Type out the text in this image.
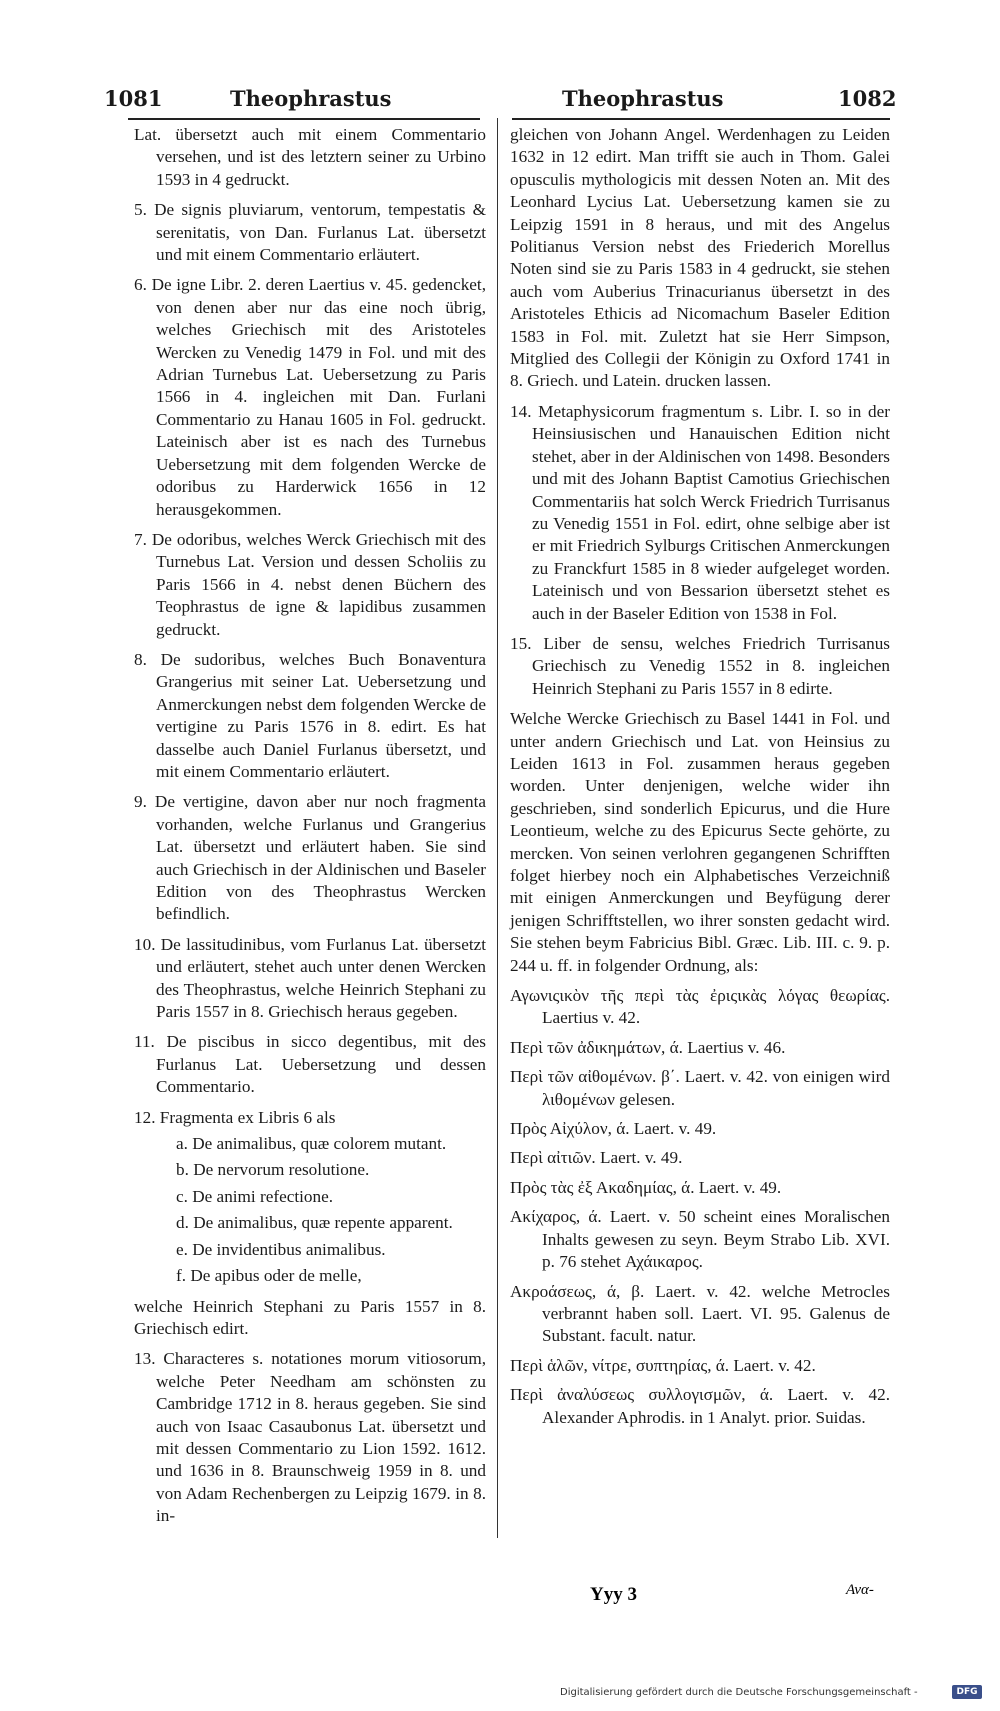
1081	Theophrastus	Theophrastus	1082

Lat. übersetzt auch mit einem Commentario versehen, und ist des letztern seiner zu Urbino 1593 in 4 gedruckt.

5. De signis pluviarum, ventorum, tempestatis & serenitatis, von Dan. Furlanus Lat. übersetzt und mit einem Commentario erläutert.

6. De igne Libr. 2. deren Laertius v. 45. gedencket, von denen aber nur das eine noch übrig, welches Griechisch mit des Aristoteles Wercken zu Venedig 1479 in Fol. und mit des Adrian Turnebus Lat. Uebersetzung zu Paris 1566 in 4. ingleichen mit Dan. Furlani Commentario zu Hanau 1605 in Fol. gedruckt. Lateinisch aber ist es nach des Turnebus Uebersetzung mit dem folgenden Wercke de odoribus zu Harderwick 1656 in 12 herausgekommen.

7. De odoribus, welches Werck Griechisch mit des Turnebus Lat. Version und dessen Scholiis zu Paris 1566 in 4. nebst denen Büchern des Teophrastus de igne & lapidibus zusammen gedruckt.

8. De sudoribus, welches Buch Bonaventura Grangerius mit seiner Lat. Uebersetzung und Anmerckungen nebst dem folgenden Wercke de vertigine zu Paris 1576 in 8. edirt. Es hat dasselbe auch Daniel Furlanus übersetzt, und mit einem Commentario erläutert.

9. De vertigine, davon aber nur noch fragmenta vorhanden, welche Furlanus und Grangerius Lat. übersetzt und erläutert haben. Sie sind auch Griechisch in der Aldinischen und Baseler Edition von des Theophrastus Wercken befindlich.

10. De lassitudinibus, vom Furlanus Lat. übersetzt und erläutert, stehet auch unter denen Wercken des Theophrastus, welche Heinrich Stephani zu Paris 1557 in 8. Griechisch heraus gegeben.

11. De piscibus in sicco degentibus, mit des Furlanus Lat. Uebersetzung und dessen Commentario.

12. Fragmenta ex Libris 6 als

a. De animalibus, quæ colorem mutant.

b. De nervorum resolutione.

c. De animi refectione.

d. De animalibus, quæ repente apparent.

e. De invidentibus animalibus.

f. De apibus oder de melle,

welche Heinrich Stephani zu Paris 1557 in 8. Griechisch edirt.

13. Characteres s. notationes morum vitiosorum, welche Peter Needham am schönsten zu Cambridge 1712 in 8. heraus gegeben. Sie sind auch von Isaac Casaubonus Lat. übersetzt und mit dessen Commentario zu Lion 1592. 1612. und 1636 in 8. Braunschweig 1959 in 8. und von Adam Rechenbergen zu Leipzig 1679. in 8. in-

gleichen von Johann Angel. Werdenhagen zu Leiden 1632 in 12 edirt. Man trifft sie auch in Thom. Galei opusculis mythologicis mit dessen Noten an. Mit des Leonhard Lycius Lat. Uebersetzung kamen sie zu Leipzig 1591 in 8 heraus, und mit des Angelus Politianus Version nebst des Friederich Morellus Noten sind sie zu Paris 1583 in 4 gedruckt, sie stehen auch vom Auberius Trinacurianus übersetzt in des Aristoteles Ethicis ad Nicomachum Baseler Edition 1583 in Fol. mit. Zuletzt hat sie Herr Simpson, Mitglied des Collegii der Königin zu Oxford 1741 in 8. Griech. und Latein. drucken lassen.

14. Metaphysicorum fragmentum s. Libr. I. so in der Heinsiusischen und Hanauischen Edition nicht stehet, aber in der Aldinischen von 1498. Besonders und mit des Johann Baptist Camotius Griechischen Commentariis hat solch Werck Friedrich Turrisanus zu Venedig 1551 in Fol. edirt, ohne selbige aber ist er mit Friedrich Sylburgs Critischen Anmerckungen zu Franckfurt 1585 in 8 wieder aufgeleget worden. Lateinisch und von Bessarion übersetzt stehet es auch in der Baseler Edition von 1538 in Fol.

15. Liber de sensu, welches Friedrich Turrisanus Griechisch zu Venedig 1552 in 8. ingleichen Heinrich Stephani zu Paris 1557 in 8 edirte.

Welche Wercke Griechisch zu Basel 1441 in Fol. und unter andern Griechisch und Lat. von Heinsius zu Leiden 1613 in Fol. zusammen heraus gegeben worden. Unter denjenigen, welche wider ihn geschrieben, sind sonderlich Epicurus, und die Hure Leontieum, welche zu des Epicurus Secte gehörte, zu mercken. Von seinen verlohren gegangenen Schrifften folget hierbey noch ein Alphabetisches Verzeichniß mit einigen Anmerckungen und Beyfügung derer jenigen Schrifftstellen, wo ihrer sonsten gedacht wird. Sie stehen beym Fabricius Bibl. Græc. Lib. III. c. 9. p. 244 u. ff. in folgender Ordnung, als:

Αγωνιςικὸν τῆς περὶ τὰς ἐριςικὰς λόγας θεωρίας. Laertius v. 42.

Περὶ τῶν ἀδικημάτων, ά. Laertius v. 46.

Περὶ τῶν αἰθομένων. β΄. Laert. v. 42. von einigen wird λιθομένων gelesen.

Πρὸς Αἰχύλον, ά. Laert. v. 49.

Περὶ αἰτιῶν. Laert. v. 49.

Πρὸς τὰς ἐξ Ακαδημίας, ά. Laert. v. 49.

Ακίχαρος, ά. Laert. v. 50 scheint eines Moralischen Inhalts gewesen zu seyn. Beym Strabo Lib. XVI. p. 76 stehet Αχάικαρος.

Ακροάσεως, ά, β. Laert. v. 42. welche Metrocles verbrannt haben soll. Laert. VI. 95. Galenus de Substant. facult. natur.

Περὶ ἁλῶν, νίτρε, συπτηρίας, ά. Laert. v. 42.

Περὶ ἀναλύσεως συλλογισμῶν, ά. Laert. v. 42. Alexander Aphrodis. in 1 Analyt. prior. Suidas.

Yyy 3	Ανα-
Digitalisierung gefördert durch die Deutsche Forschungsgemeinschaft -	DFG
